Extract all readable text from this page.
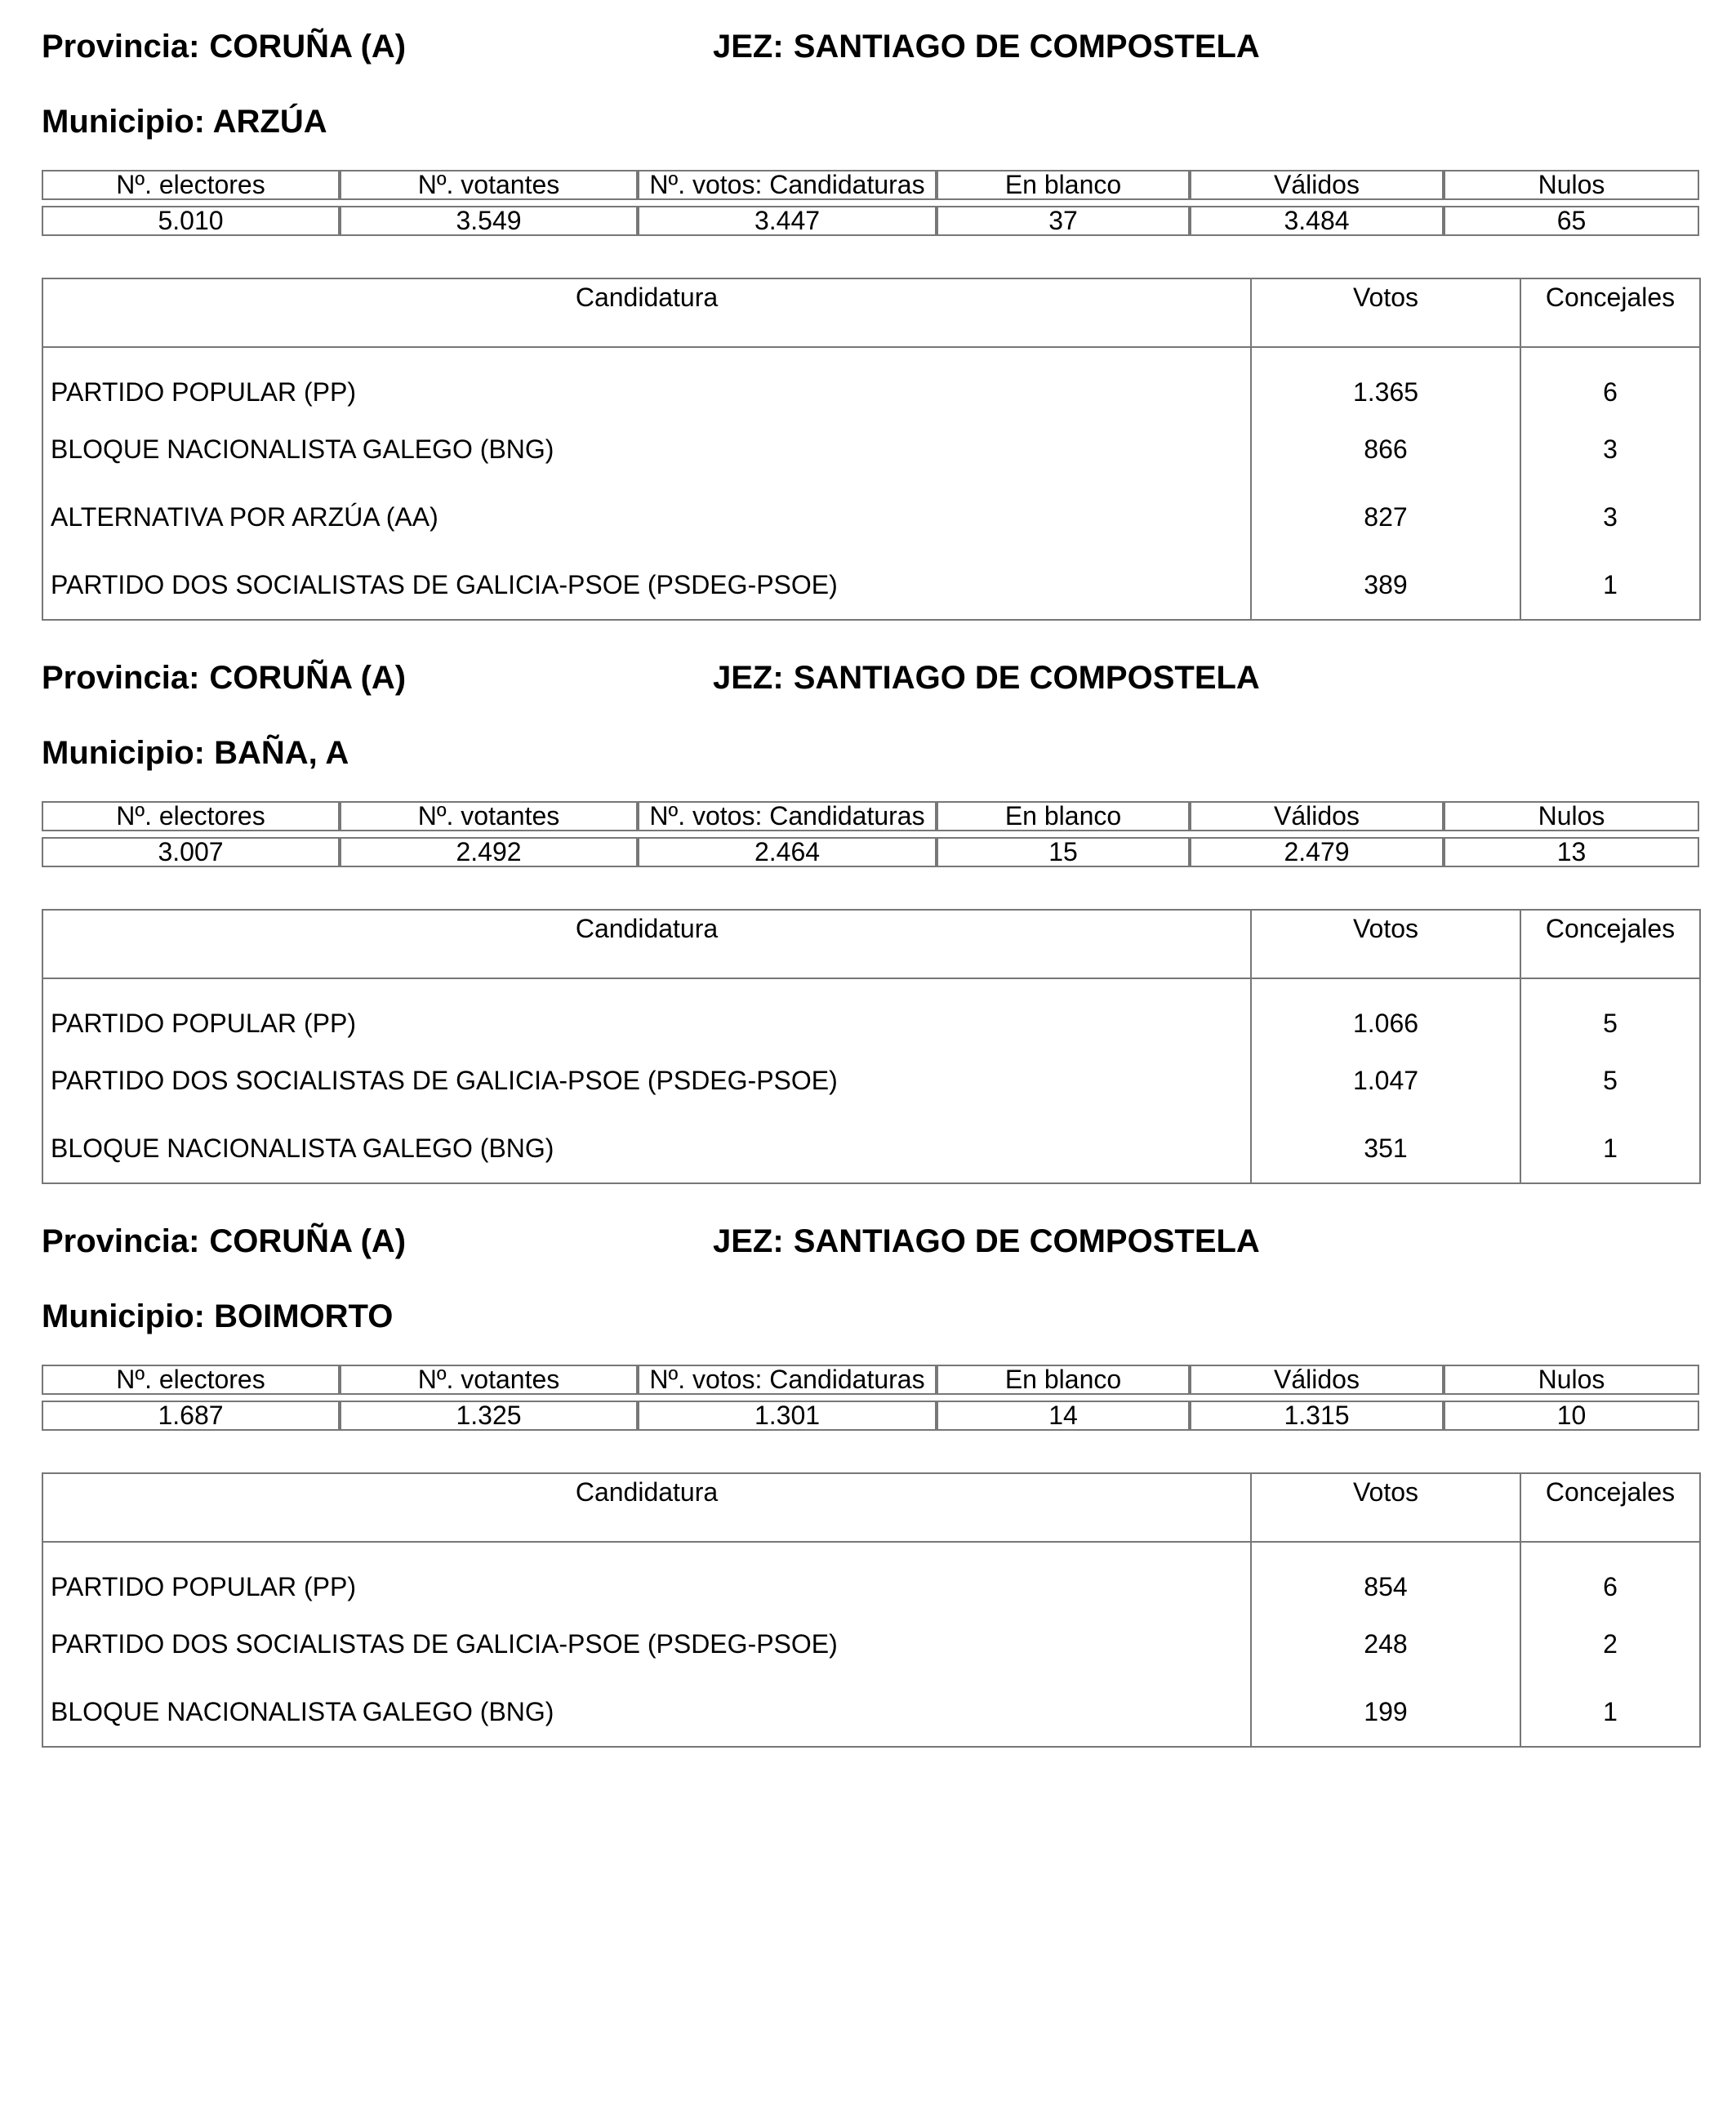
Provincia: CORUÑA (A)	JEZ: SANTIAGO DE COMPOSTELA
Municipio: ARZÚA
Nº. electores	Nº. votantes	Nº. votos: Candidaturas	En blanco	Válidos	Nulos

5.010	3.549	3.447	37	3.484	65
Candidatura	Votos	Concejales
PARTIDO POPULAR (PP)	1.365	6
BLOQUE NACIONALISTA GALEGO (BNG)	866	3
ALTERNATIVA POR ARZÚA (AA)	827	3
PARTIDO DOS SOCIALISTAS DE GALICIA-PSOE (PSDEG-PSOE)	389	1
Provincia: CORUÑA (A)	JEZ: SANTIAGO DE COMPOSTELA
Municipio: BAÑA, A
Nº. electores	Nº. votantes	Nº. votos: Candidaturas	En blanco	Válidos	Nulos

3.007	2.492	2.464	15	2.479	13
Candidatura	Votos	Concejales
PARTIDO POPULAR (PP)	1.066	5
PARTIDO DOS SOCIALISTAS DE GALICIA-PSOE (PSDEG-PSOE)	1.047	5
BLOQUE NACIONALISTA GALEGO (BNG)	351	1
Provincia: CORUÑA (A)	JEZ: SANTIAGO DE COMPOSTELA
Municipio: BOIMORTO
Nº. electores	Nº. votantes	Nº. votos: Candidaturas	En blanco	Válidos	Nulos

1.687	1.325	1.301	14	1.315	10
Candidatura	Votos	Concejales
PARTIDO POPULAR (PP)	854	6
PARTIDO DOS SOCIALISTAS DE GALICIA-PSOE (PSDEG-PSOE)	248	2
BLOQUE NACIONALISTA GALEGO (BNG)	199	1
